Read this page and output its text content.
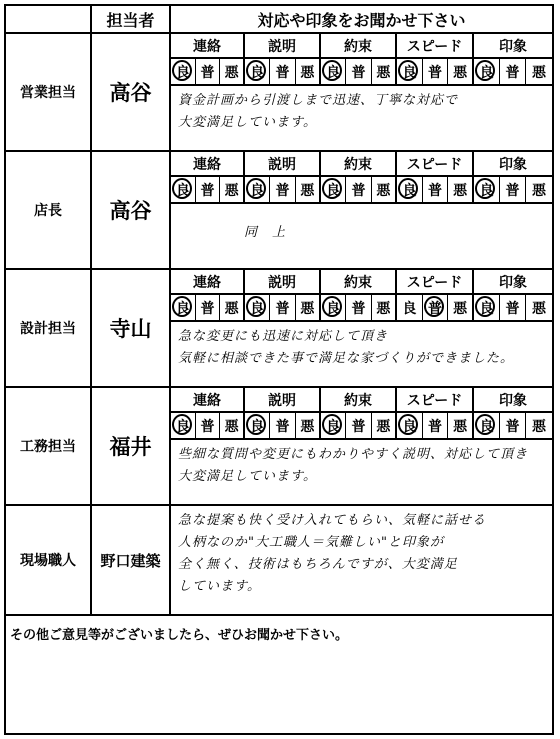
担当者	対応や印象をお聞かせ下さい
営業担当	高谷
連絡
良 普 悪
説明
良 普 悪
約束
良 普 悪
スピード
良 普 悪
印象
良 普 悪
資金計画から引渡しまで迅速、丁寧な対応で
大変満足しています。
店長	高谷
連絡
良 普 悪
説明
良 普 悪
約束
良 普 悪
スピード
良 普 悪
印象
良 普 悪
同　上
設計担当	寺山
連絡
良 普 悪
説明
良 普 悪
約束
良 普 悪
スピード
良 普 悪
印象
良 普 悪
急な変更にも迅速に対応して頂き
気軽に相談できた事で満足な家づくりができました。
工務担当	福井
連絡
良 普 悪
説明
良 普 悪
約束
良 普 悪
スピード
良 普 悪
印象
良 普 悪
些細な質問や変更にもわかりやすく説明、対応して頂き
大変満足しています。
現場職人	野口建築
急な提案も快く受け入れてもらい、気軽に話せる
人柄なのか"大工職人＝気難しい"と印象が
全く無く、技術はもちろんですが、大変満足
しています。
その他ご意見等がございましたら、ぜひお聞かせ下さい。
